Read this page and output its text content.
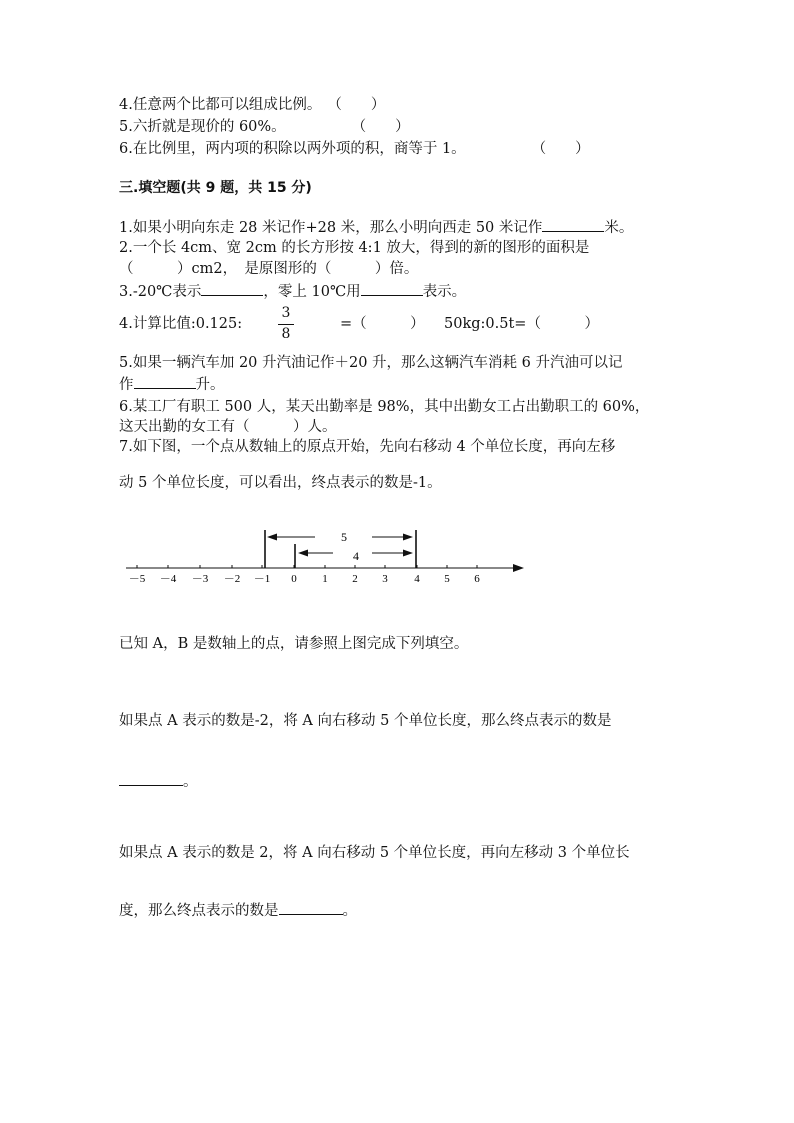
4.任意两个比都可以组成比例。 （　　）
5.六折就是现价的 60%。	（　　）
6.在比例里，两内项的积除以两外项的积，商等于 1。	（　　）
三.填空题(共 9 题，共 15 分)
1.如果小明向东走 28 米记作+28 米，那么小明向西走 50 米记作	米。
2.一个长 4cm、宽 2cm 的长方形按 4:1 放大，得到的新的图形的面积是
（　　　）cm2，　是原图形的（　　　）倍。
3.-20℃表示	，零上 10℃用	表示。
4.计算比值:0.125:
3
8
=（　　　） 50kg:0.5t=（　　　）
5.如果一辆汽车加 20 升汽油记作＋20 升，那么这辆汽车消耗 6 升汽油可以记
作	升。
6.某工厂有职工 500 人，某天出勤率是 98%，其中出勤女工占出勤职工的 60%，
这天出勤的女工有（　　　）人。
7.如下图，一个点从数轴上的原点开始，先向右移动 4 个单位长度，再向左移
动 5 个单位长度，可以看出，终点表示的数是-1。
－5 －4 －3 －2 －1 0 1 2 3 4 5 6
5
4
已知 A，B 是数轴上的点，请参照上图完成下列填空。
如果点 A 表示的数是-2，将 A 向右移动 5 个单位长度，那么终点表示的数是
。
如果点 A 表示的数是 2，将 A 向右移动 5 个单位长度，再向左移动 3 个单位长
度，那么终点表示的数是	。
